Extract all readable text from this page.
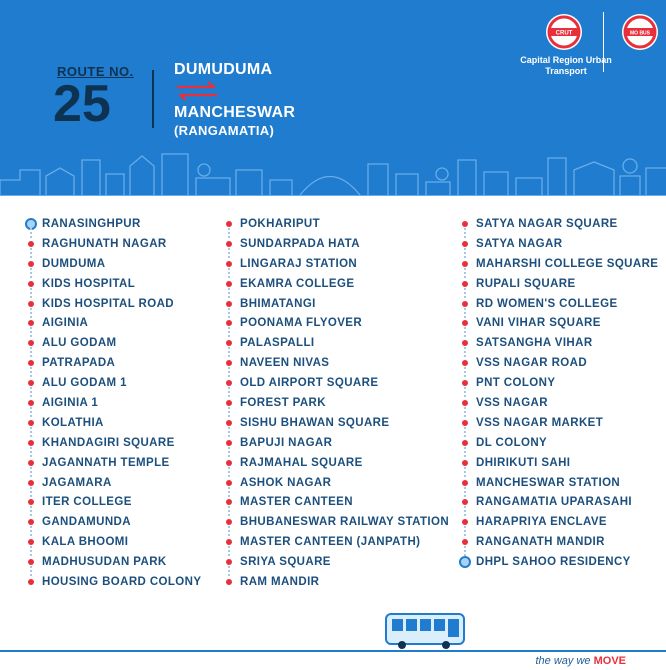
ROUTE NO.
25
DUMUDUMA
MANCHESWAR
(RANGAMATIA)
CRUT	MO BUS
Capital Region Urban Transport
RANASINGHPUR
RAGHUNATH NAGAR
DUMDUMA
KIDS HOSPITAL
KIDS HOSPITAL ROAD
AIGINIA
ALU GODAM
PATRAPADA
ALU GODAM 1
AIGINIA 1
KOLATHIA
KHANDAGIRI SQUARE
JAGANNATH TEMPLE
JAGAMARA
ITER COLLEGE
GANDAMUNDA
KALA BHOOMI
MADHUSUDAN PARK
HOUSING BOARD COLONY
POKHARIPUT
SUNDARPADA HATA
LINGARAJ STATION
EKAMRA COLLEGE
BHIMATANGI
POONAMA FLYOVER
PALASPALLI
NAVEEN NIVAS
OLD AIRPORT SQUARE
FOREST PARK
SISHU BHAWAN SQUARE
BAPUJI NAGAR
RAJMAHAL SQUARE
ASHOK NAGAR
MASTER CANTEEN
BHUBANESWAR RAILWAY STATION
MASTER CANTEEN (JANPATH)
SRIYA SQUARE
RAM MANDIR
SATYA NAGAR SQUARE
SATYA NAGAR
MAHARSHI COLLEGE SQUARE
RUPALI SQUARE
RD WOMEN'S COLLEGE
VANI VIHAR SQUARE
SATSANGHA VIHAR
VSS NAGAR ROAD
PNT COLONY
VSS NAGAR
VSS NAGAR MARKET
DL COLONY
DHIRIKUTI SAHI
MANCHESWAR STATION
RANGAMATIA UPARASAHI
HARAPRIYA ENCLAVE
RANGANATH MANDIR
DHPL SAHOO RESIDENCY
the way we MOVE
